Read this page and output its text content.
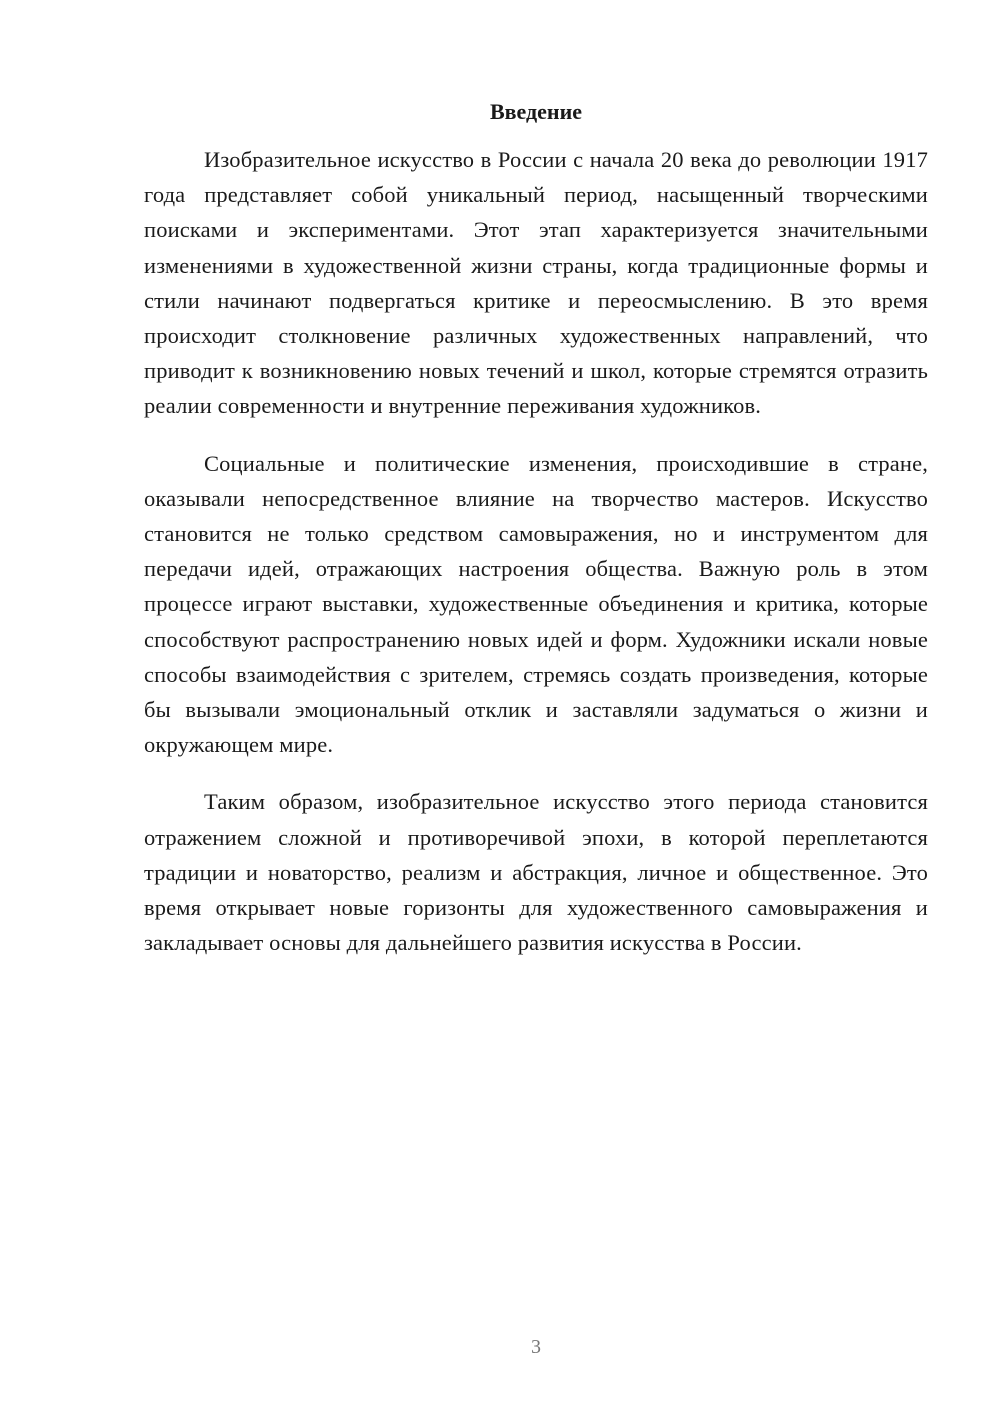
Введение

Изобразительное искусство в России с начала 20 века до революции 1917 года представляет собой уникальный период, насыщенный творческими поисками и экспериментами. Этот этап характеризуется значительными изменениями в художественной жизни страны, когда традиционные формы и стили начинают подвергаться критике и переосмыслению. В это время происходит столкновение различных художественных направлений, что приводит к возникновению новых течений и школ, которые стремятся отразить реалии современности и внутренние переживания художников.

Социальные и политические изменения, происходившие в стране, оказывали непосредственное влияние на творчество мастеров. Искусство становится не только средством самовыражения, но и инструментом для передачи идей, отражающих настроения общества. Важную роль в этом процессе играют выставки, художественные объединения и критика, которые способствуют распространению новых идей и форм. Художники искали новые способы взаимодействия с зрителем, стремясь создать произведения, которые бы вызывали эмоциональный отклик и заставляли задуматься о жизни и окружающем мире.

Таким образом, изобразительное искусство этого периода становится отражением сложной и противоречивой эпохи, в которой переплетаются традиции и новаторство, реализм и абстракция, личное и общественное. Это время открывает новые горизонты для художественного самовыражения и закладывает основы для дальнейшего развития искусства в России.

3
